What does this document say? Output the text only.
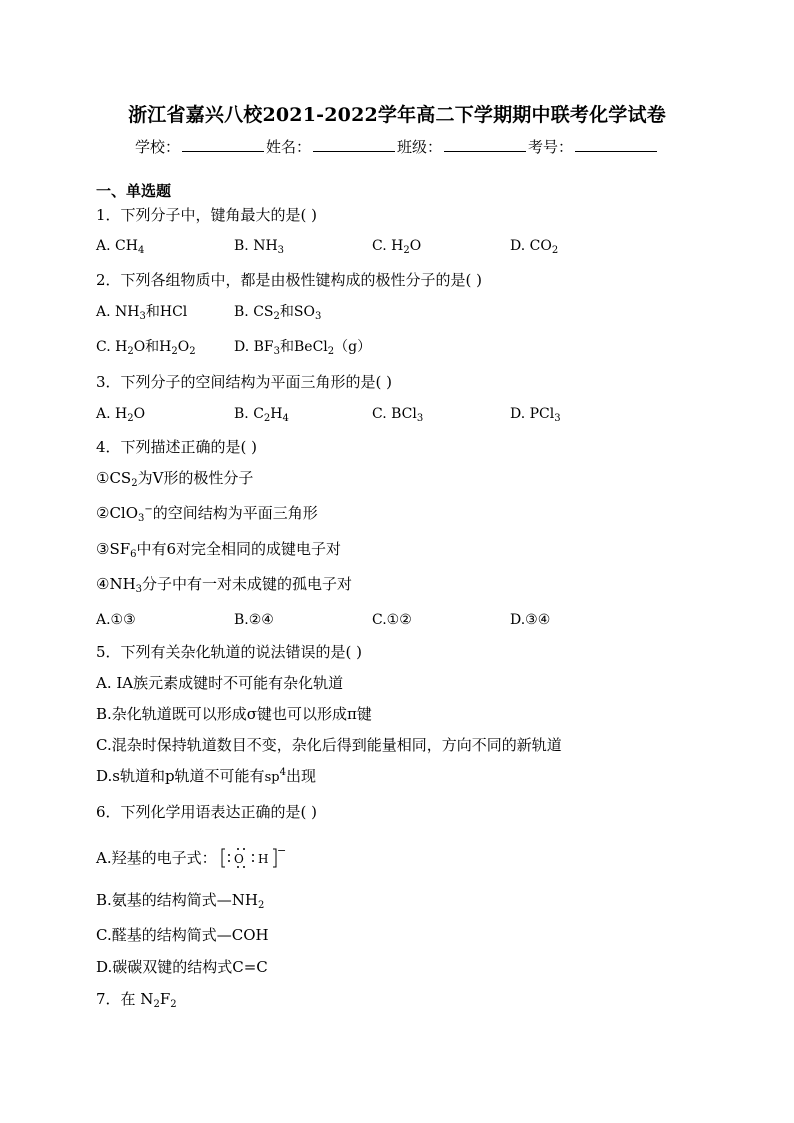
浙江省嘉兴八校2021-2022学年高二下学期期中联考化学试卷
学校：	姓名：	班级：	考号：
一、单选题
1．下列分子中，键角最大的是( )
A. $CH_4$	B. $NH_3$	C. $H_2O$	D. $CO_2$
2．下列各组物质中，都是由极性键构成的极性分子的是( )
A. $NH_3$和HCl	B. $CS_2$和$SO_3$
C. $H_2O$和$H_2O_2$	D. $BF_3$和BeCl$_2$（g）
3．下列分子的空间结构为平面三角形的是( )
A. $H_2O$	B. $C_2H_4$	C. BCl$_3$	D. PCl$_3$
4．下列描述正确的是( )
$①CS_2$为V形的极性分子
②ClO$_3$−的空间结构为平面三角形
$③SF_6$中有6对完全相同的成键电子对
$④NH_3$分子中有一对未成键的孤电子对
A.①③	B.②④	C.①②	D.③④
5．下列有关杂化轨道的说法错误的是( )
A. ⅠA族元素成键时不可能有杂化轨道
B.杂化轨道既可以形成σ键也可以形成π键
C.混杂时保持轨道数目不变，杂化后得到能量相同，方向不同的新轨道
D.s轨道和p轨道不可能有$sp^4$出现
6．下列化学用语表达正确的是( )
A.羟基的电子式： O H
−
B.氨基的结构简式$—NH_2$
C.醛基的结构简式—COH
D.碳碳双键的结构式C=C
7．在 $N_2F_2$
